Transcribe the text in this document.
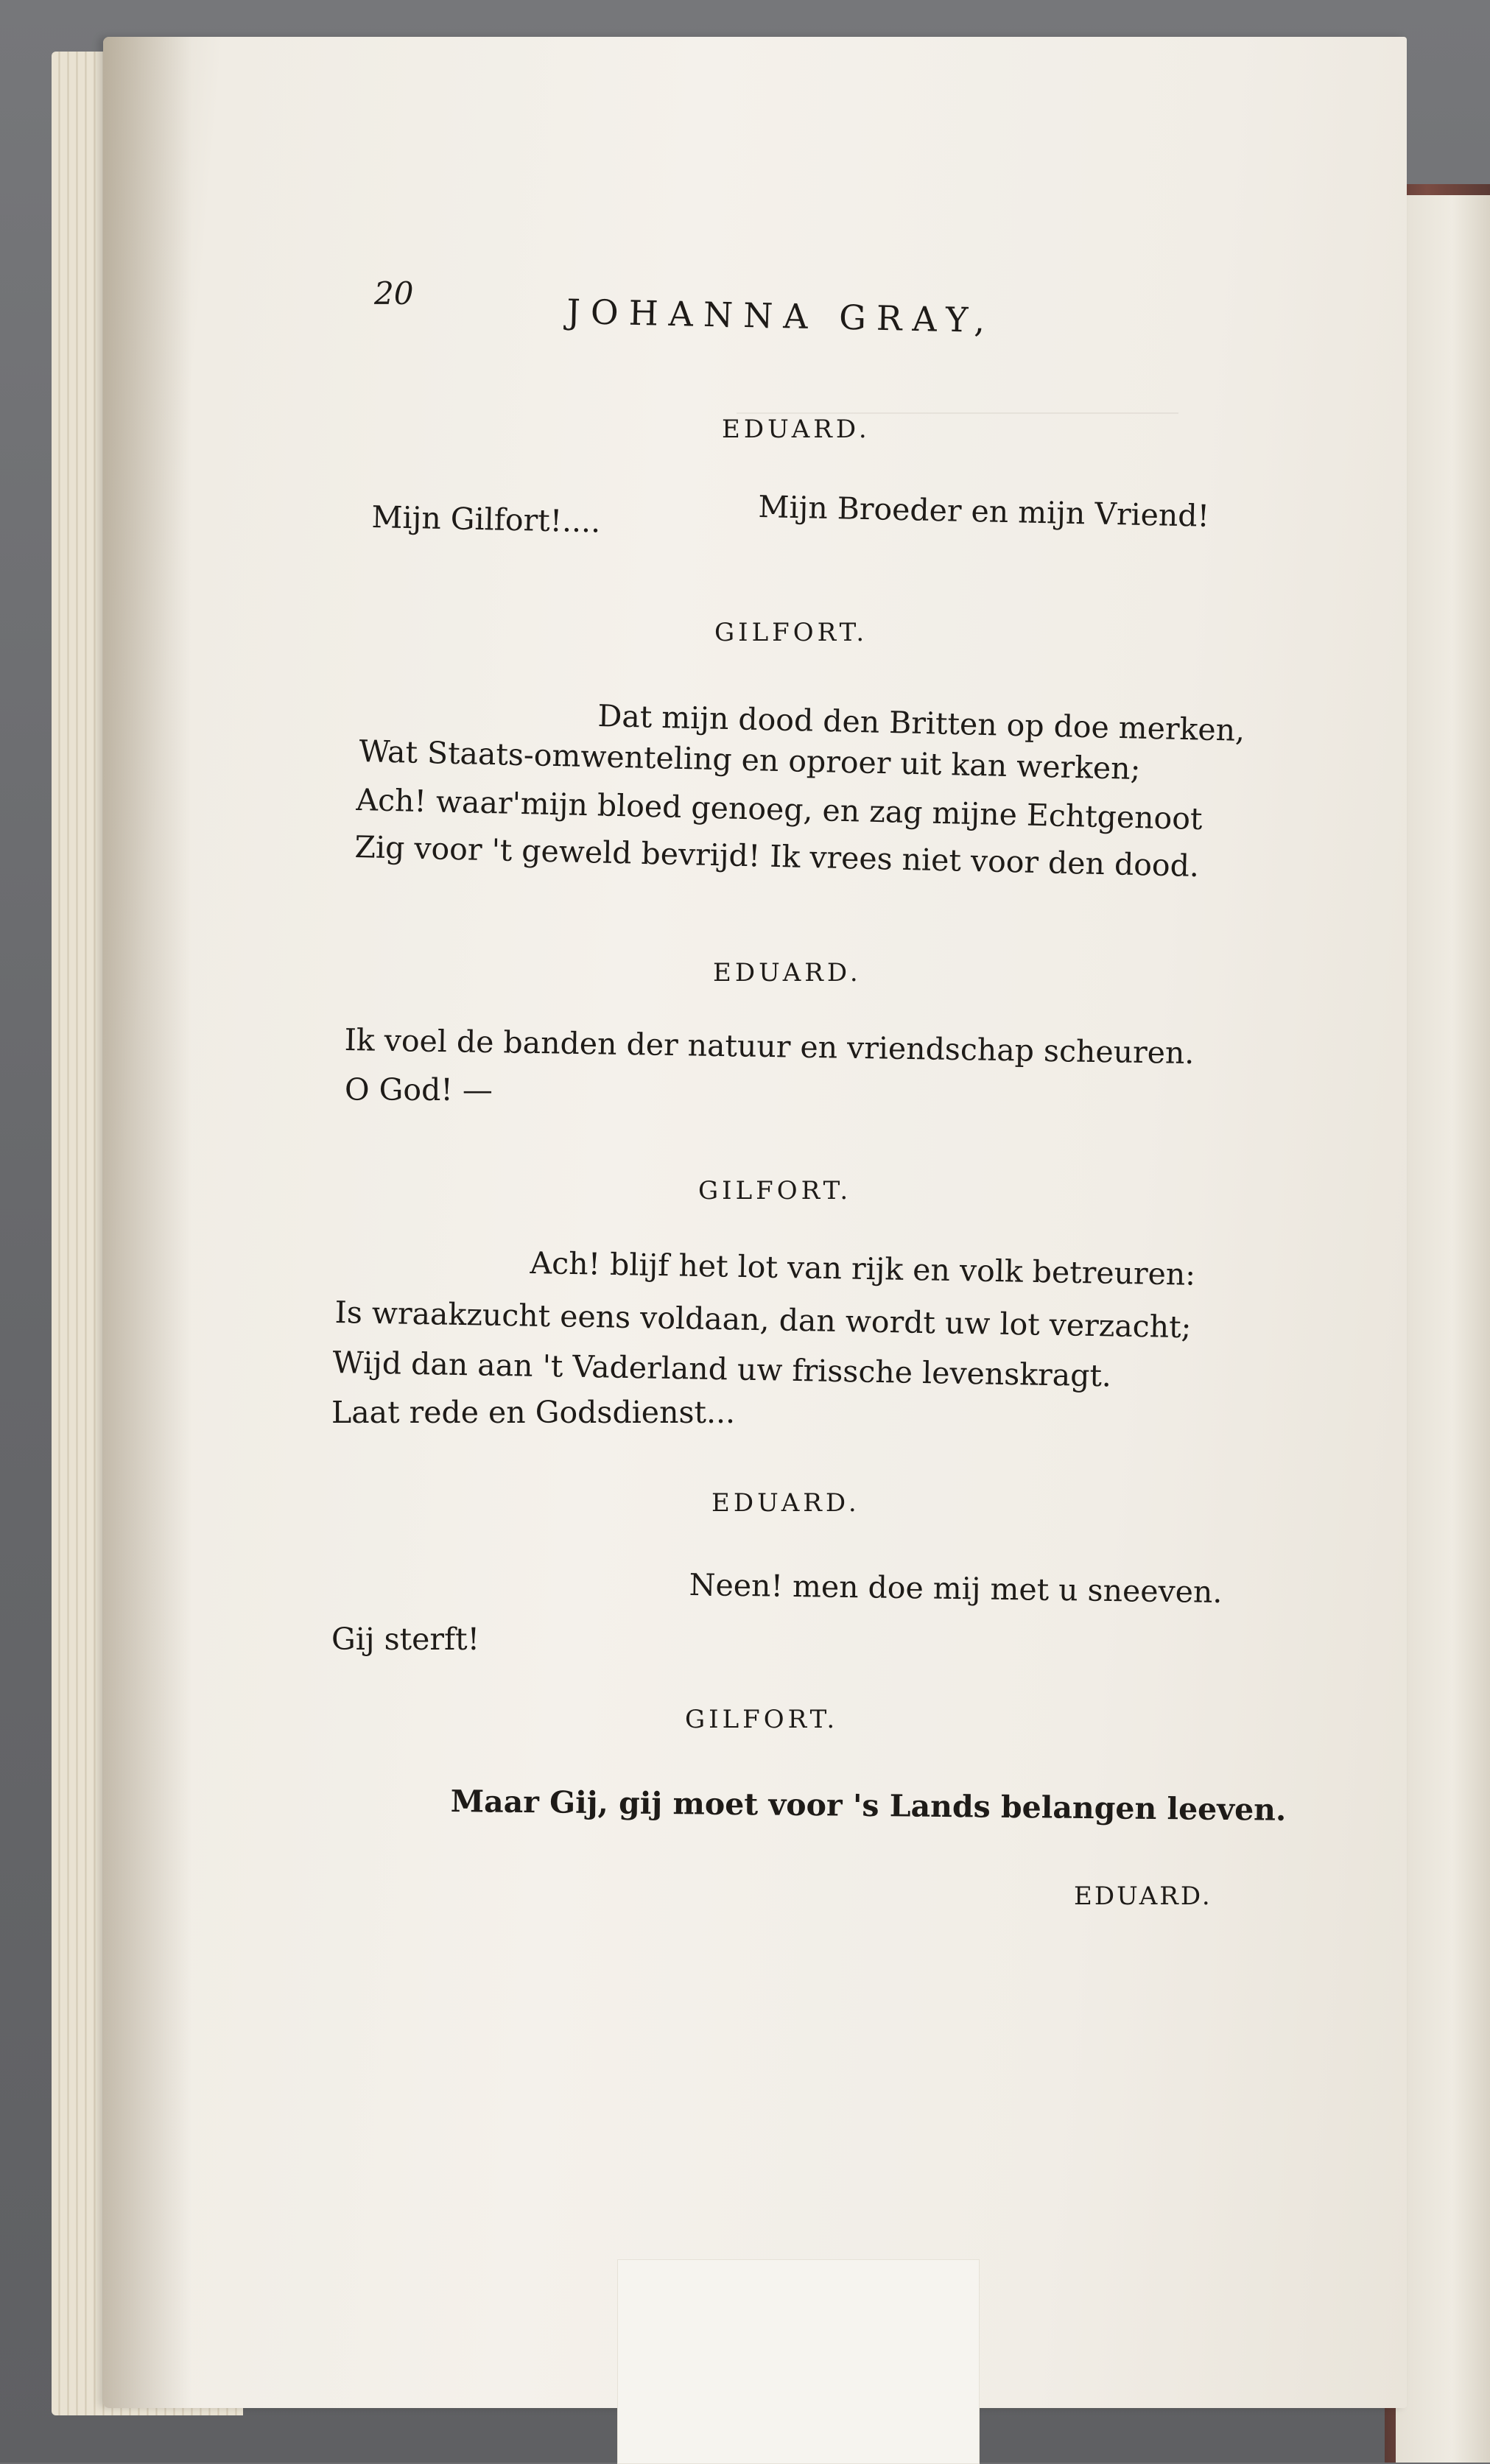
20	JOHANNA GRAY,
EDUARD.
Mijn Broeder en mijn Vriend!
Mijn Gilfort!....
GILFORT.
Dat mijn dood den Britten op doe merken,
Wat Staats-omwenteling en oproer uit kan werken;
Ach! waar'mijn bloed genoeg, en zag mijne Echtgenoot
Zig voor 't geweld bevrijd! Ik vrees niet voor den dood.
EDUARD.
Ik voel de banden der natuur en vriendschap scheuren.
O God! —
GILFORT.
Ach! blijf het lot van rijk en volk betreuren:
Is wraakzucht eens voldaan, dan wordt uw lot verzacht;
Wijd dan aan 't Vaderland uw frissche levenskragt.
Laat rede en Godsdienst...
EDUARD.
Neen! men doe mij met u sneeven.
Gij sterft!
GILFORT.
Maar Gij, gij moet voor 's Lands belangen leeven.
EDUARD.
